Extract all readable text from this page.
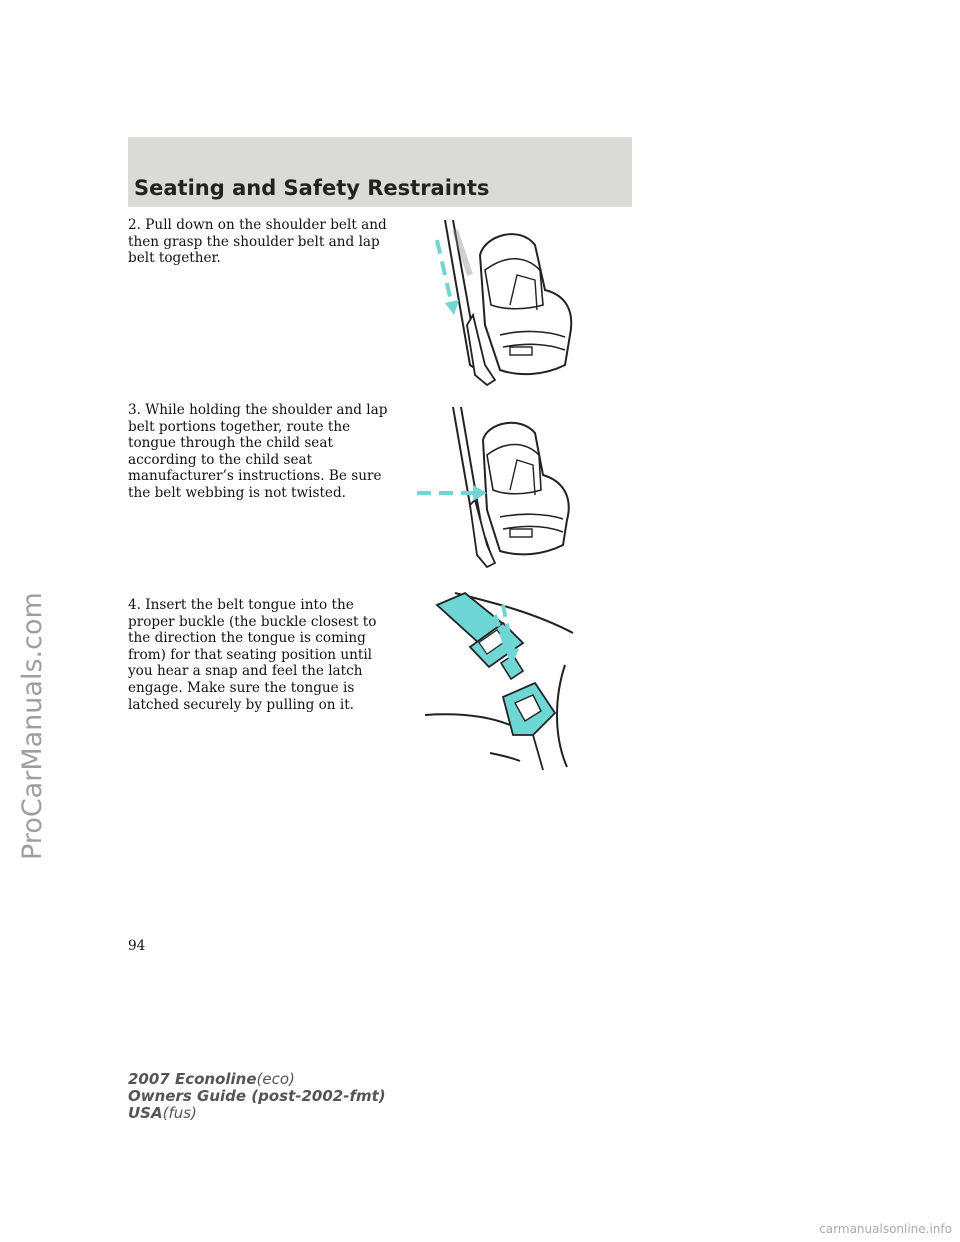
Seating and Safety Restraints

2. Pull down on the shoulder belt and then grasp the shoulder belt and lap belt together.

3. While holding the shoulder and lap belt portions together, route the tongue through the child seat according to the child seat manufacturer’s instructions. Be sure the belt webbing is not twisted.

4. Insert the belt tongue into the proper buckle (the buckle closest to the direction the tongue is coming from) for that seating position until you hear a snap and feel the latch engage. Make sure the tongue is latched securely by pulling on it.

94
2007 Econoline(eco)
Owners Guide (post-2002-fmt)
USA(fus)
ProCarManuals.com
carmanualsonline.info
